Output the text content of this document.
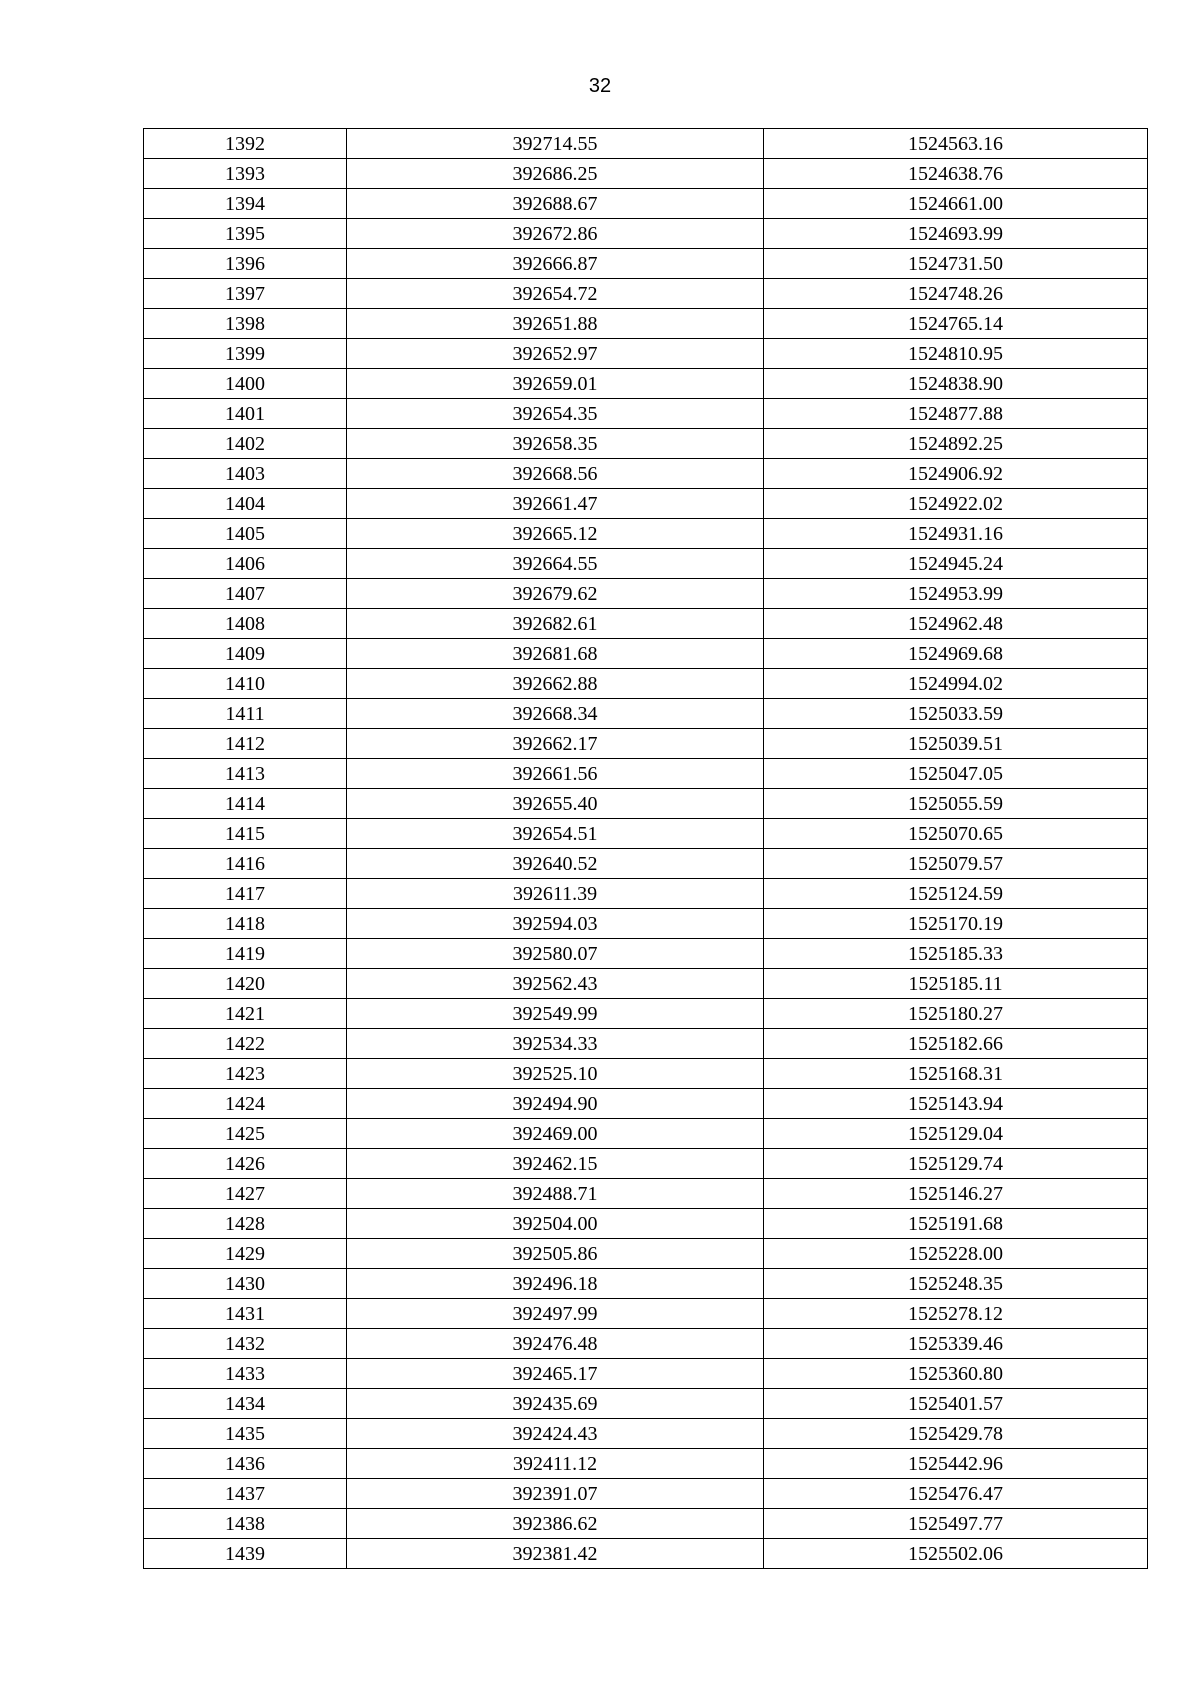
32
1392	392714.55	1524563.16
1393	392686.25	1524638.76
1394	392688.67	1524661.00
1395	392672.86	1524693.99
1396	392666.87	1524731.50
1397	392654.72	1524748.26
1398	392651.88	1524765.14
1399	392652.97	1524810.95
1400	392659.01	1524838.90
1401	392654.35	1524877.88
1402	392658.35	1524892.25
1403	392668.56	1524906.92
1404	392661.47	1524922.02
1405	392665.12	1524931.16
1406	392664.55	1524945.24
1407	392679.62	1524953.99
1408	392682.61	1524962.48
1409	392681.68	1524969.68
1410	392662.88	1524994.02
1411	392668.34	1525033.59
1412	392662.17	1525039.51
1413	392661.56	1525047.05
1414	392655.40	1525055.59
1415	392654.51	1525070.65
1416	392640.52	1525079.57
1417	392611.39	1525124.59
1418	392594.03	1525170.19
1419	392580.07	1525185.33
1420	392562.43	1525185.11
1421	392549.99	1525180.27
1422	392534.33	1525182.66
1423	392525.10	1525168.31
1424	392494.90	1525143.94
1425	392469.00	1525129.04
1426	392462.15	1525129.74
1427	392488.71	1525146.27
1428	392504.00	1525191.68
1429	392505.86	1525228.00
1430	392496.18	1525248.35
1431	392497.99	1525278.12
1432	392476.48	1525339.46
1433	392465.17	1525360.80
1434	392435.69	1525401.57
1435	392424.43	1525429.78
1436	392411.12	1525442.96
1437	392391.07	1525476.47
1438	392386.62	1525497.77
1439	392381.42	1525502.06
